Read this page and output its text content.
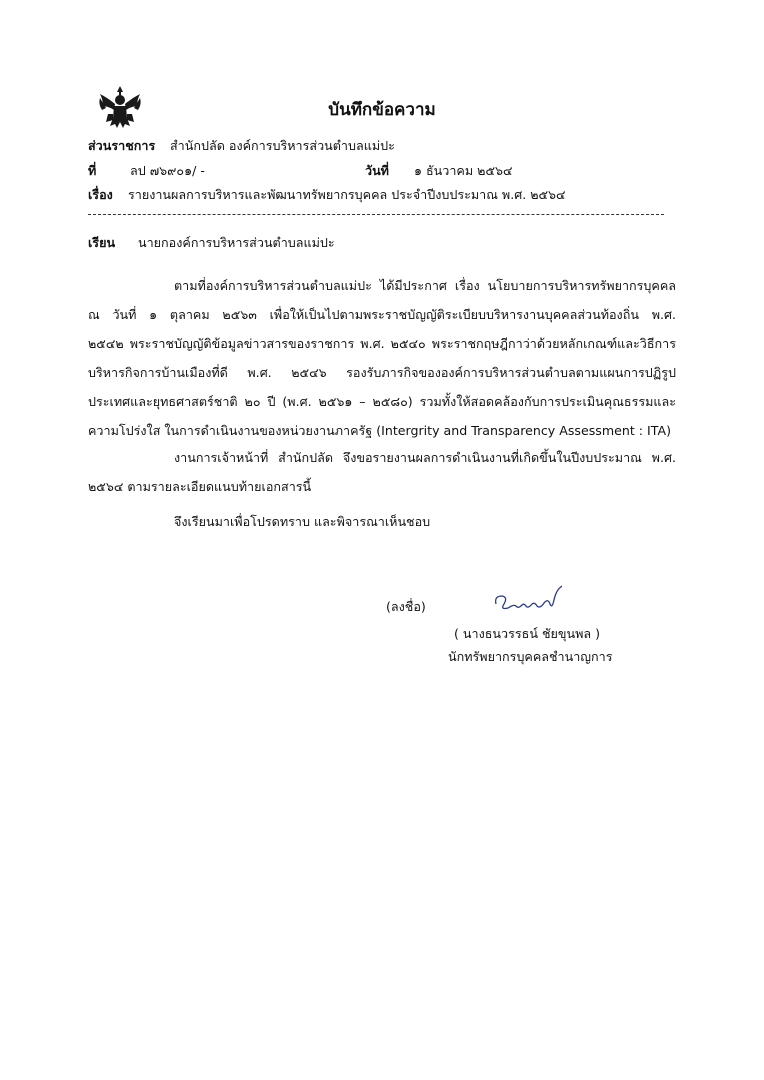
บันทึกข้อความ
ส่วนราชการ สำนักปลัด องค์การบริหารส่วนตำบลแม่ปะ
ที่	ลป ๗๖๙๐๑/ -	วันที่ ๑ ธันวาคม ๒๕๖๔
เรื่อง รายงานผลการบริหารและพัฒนาทรัพยากรบุคคล ประจำปีงบประมาณ พ.ศ. ๒๕๖๔
เรียน นายกองค์การบริหารส่วนตำบลแม่ปะ
ตามที่องค์การบริหารส่วนตำบลแม่ปะ ได้มีประกาศ เรื่อง นโยบายการบริหารทรัพยากรบุคคล
ณ วันที่ ๑ ตุลาคม ๒๕๖๓ เพื่อให้เป็นไปตามพระราชบัญญัติระเบียบบริหารงานบุคคลส่วนท้องถิ่น พ.ศ.
๒๕๔๒ พระราชบัญญัติข้อมูลข่าวสารของราชการ พ.ศ. ๒๕๔๐ พระราชกฤษฎีกาว่าด้วยหลักเกณฑ์และวิธีการ
บริหารกิจการบ้านเมืองที่ดี พ.ศ. ๒๕๔๖ รองรับภารกิจขององค์การบริหารส่วนตำบลตามแผนการปฏิรูป
ประเทศและยุทธศาสตร์ชาติ ๒๐ ปี (พ.ศ. ๒๕๖๑ – ๒๕๘๐) รวมทั้งให้สอดคล้องกับการประเมินคุณธรรมและ
ความโปร่งใส ในการดำเนินงานของหน่วยงานภาครัฐ (Intergrity and Transparency Assessment : ITA)
งานการเจ้าหน้าที่ สำนักปลัด จึงขอรายงานผลการดำเนินงานที่เกิดขึ้นในปีงบประมาณ พ.ศ.
๒๕๖๔ ตามรายละเอียดแนบท้ายเอกสารนี้
จึงเรียนมาเพื่อโปรดทราบ และพิจารณาเห็นชอบ
(ลงชื่อ)
( นางธนวรรธน์ ชัยขุนพล )
นักทรัพยากรบุคคลชำนาญการ
